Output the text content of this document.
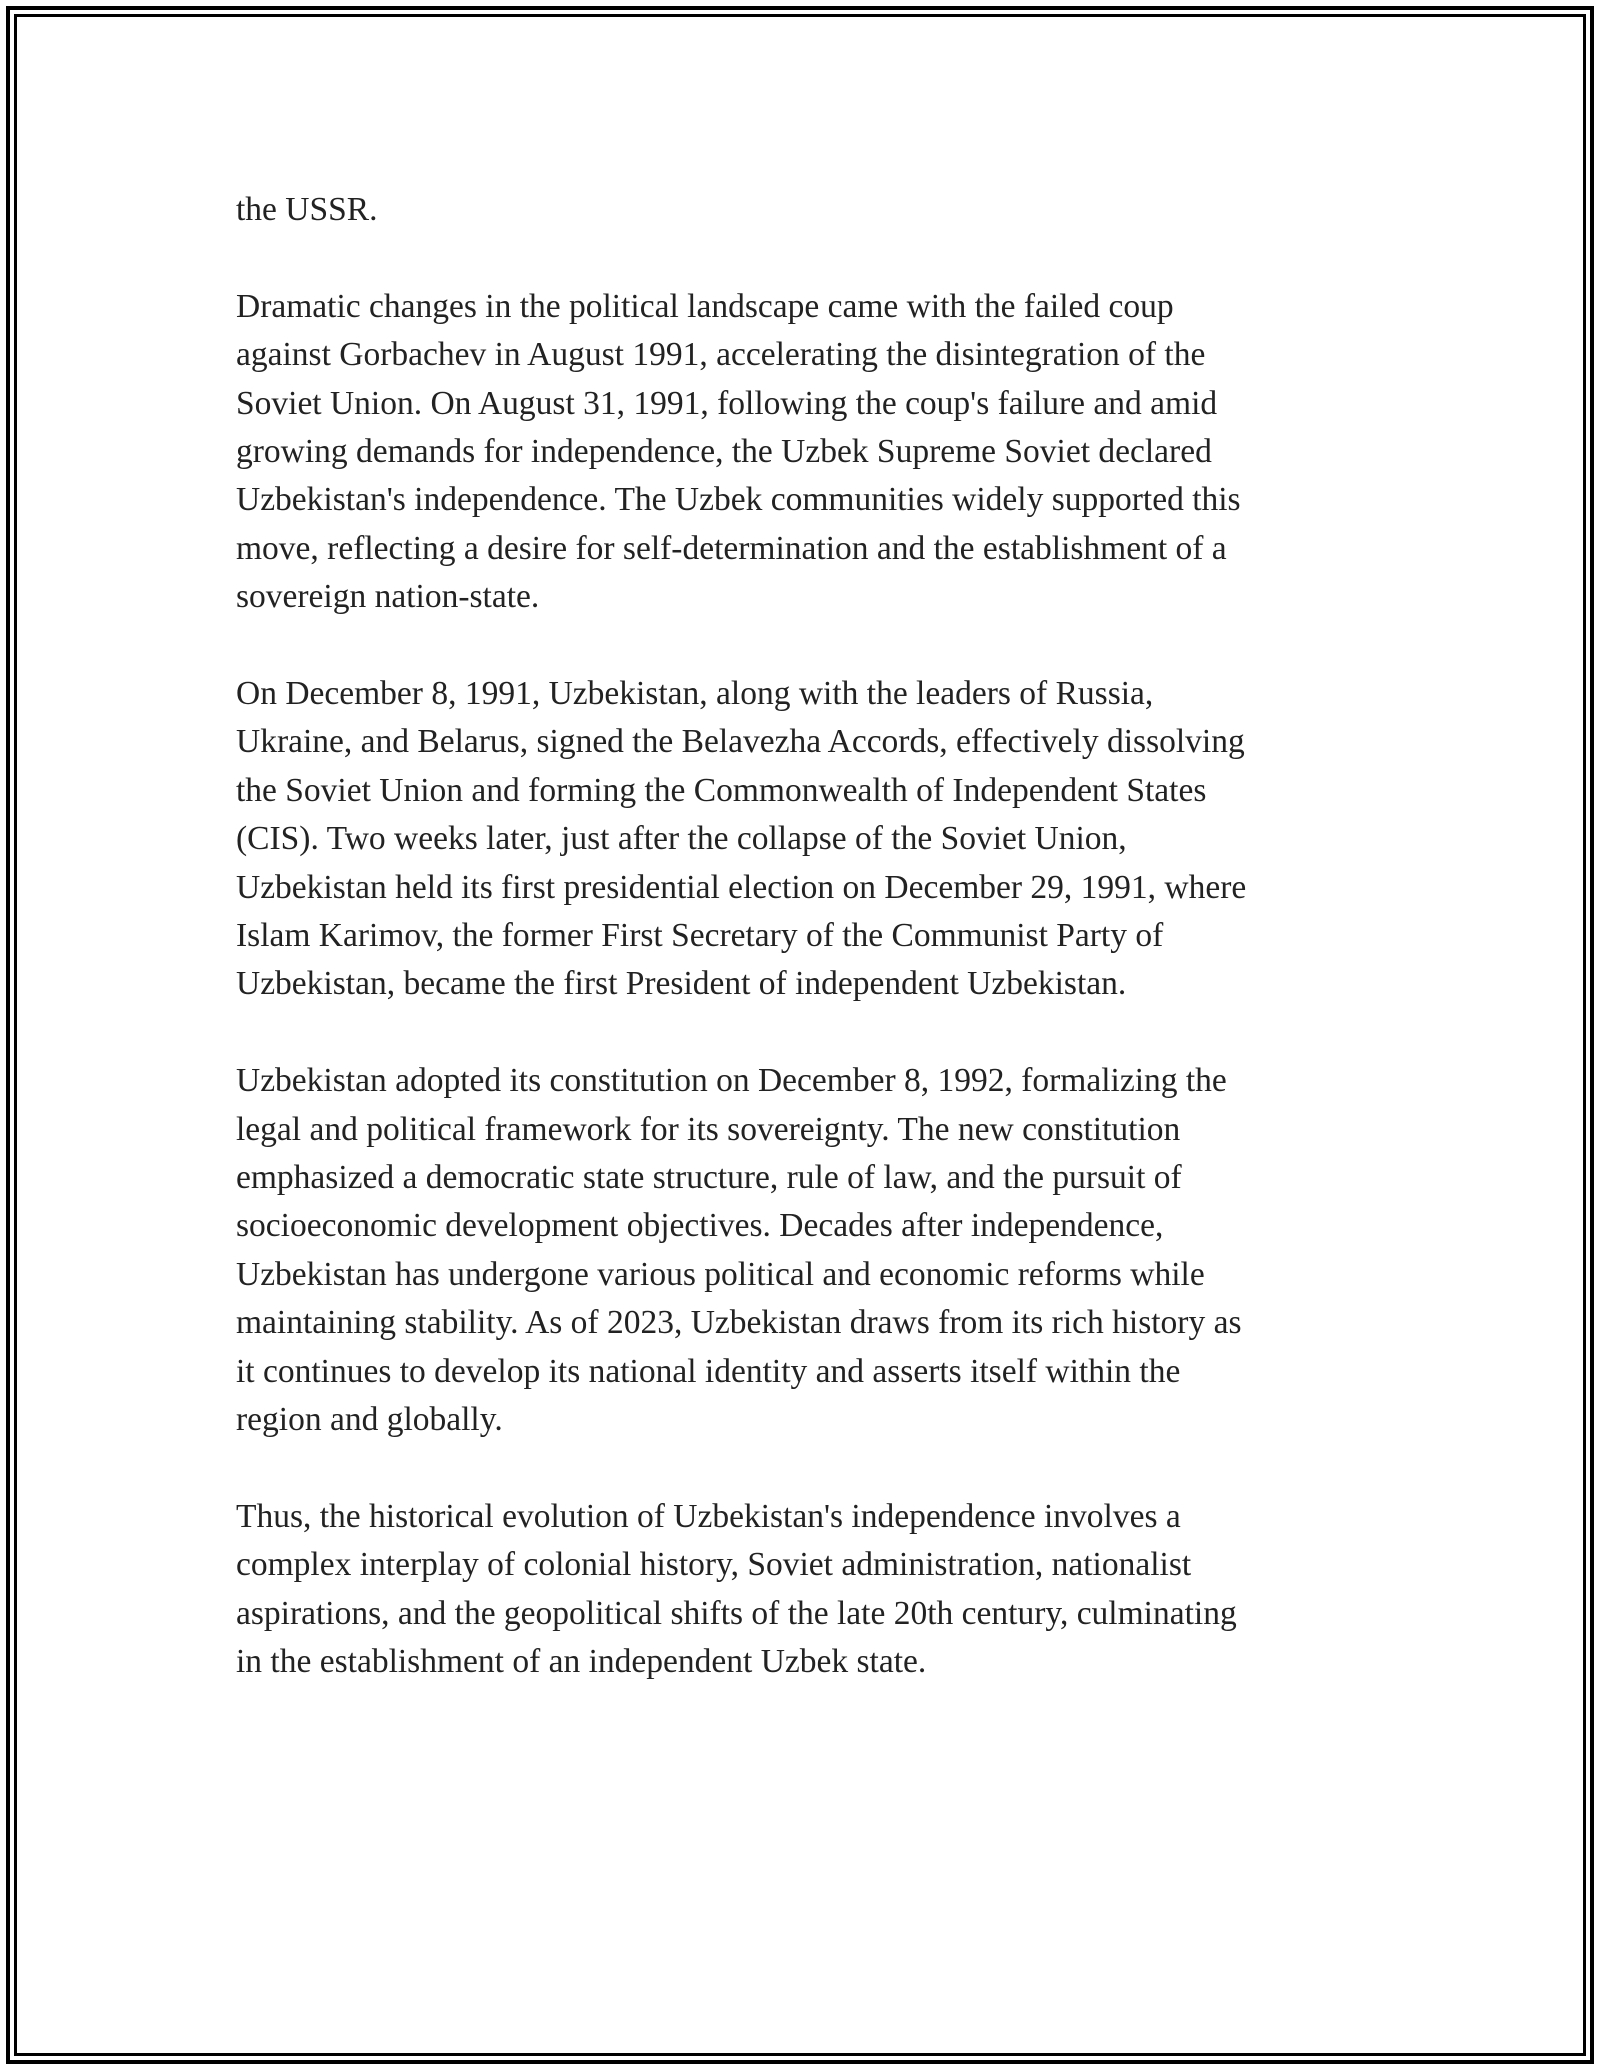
the USSR.

Dramatic changes in the political landscape came with the failed coup
against Gorbachev in August 1991, accelerating the disintegration of the
Soviet Union. On August 31, 1991, following the coup's failure and amid
growing demands for independence, the Uzbek Supreme Soviet declared
Uzbekistan's independence. The Uzbek communities widely supported this
move, reflecting a desire for self-determination and the establishment of a
sovereign nation-state.

On December 8, 1991, Uzbekistan, along with the leaders of Russia,
Ukraine, and Belarus, signed the Belavezha Accords, effectively dissolving
the Soviet Union and forming the Commonwealth of Independent States
(CIS). Two weeks later, just after the collapse of the Soviet Union,
Uzbekistan held its first presidential election on December 29, 1991, where
Islam Karimov, the former First Secretary of the Communist Party of
Uzbekistan, became the first President of independent Uzbekistan.

Uzbekistan adopted its constitution on December 8, 1992, formalizing the
legal and political framework for its sovereignty. The new constitution
emphasized a democratic state structure, rule of law, and the pursuit of
socioeconomic development objectives. Decades after independence,
Uzbekistan has undergone various political and economic reforms while
maintaining stability. As of 2023, Uzbekistan draws from its rich history as
it continues to develop its national identity and asserts itself within the
region and globally.

Thus, the historical evolution of Uzbekistan's independence involves a
complex interplay of colonial history, Soviet administration, nationalist
aspirations, and the geopolitical shifts of the late 20th century, culminating
in the establishment of an independent Uzbek state.
